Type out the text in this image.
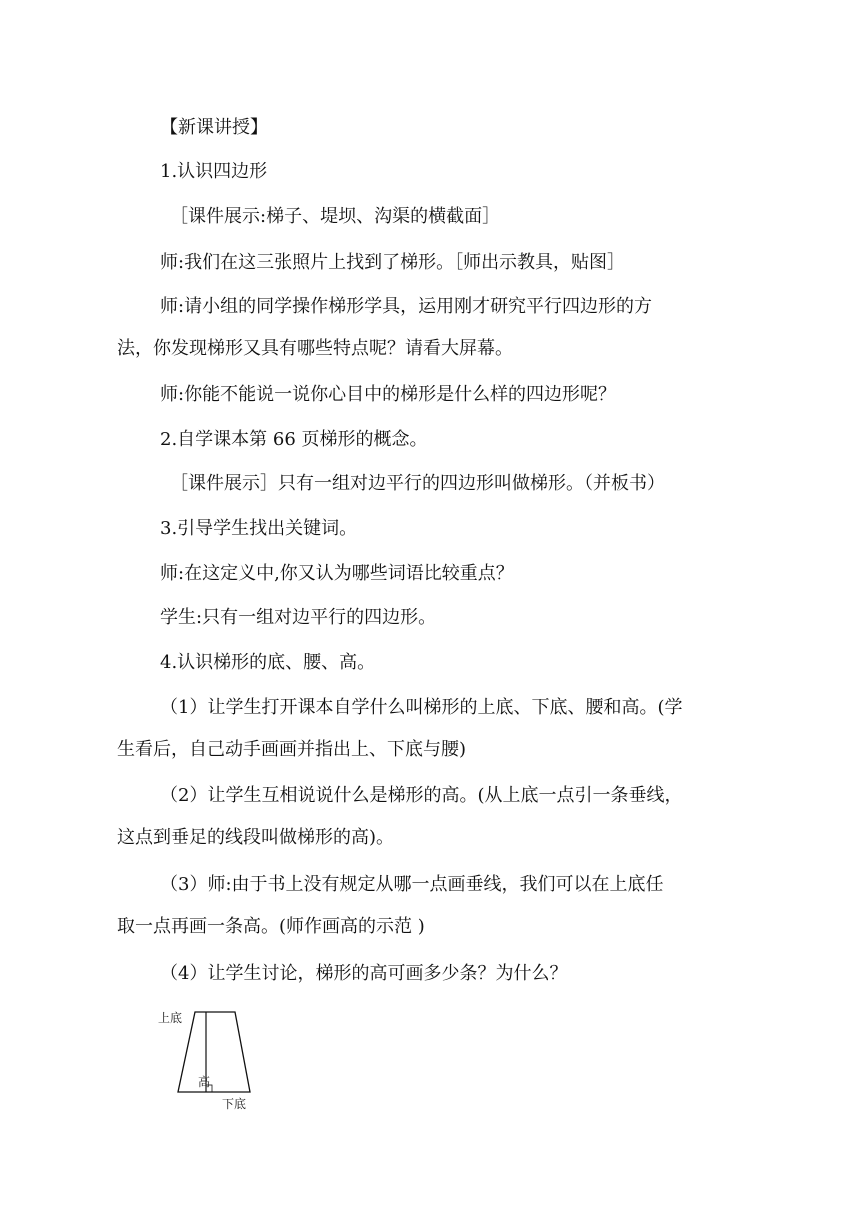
【新课讲授】

1.认识四边形

［课件展示:梯子、堤坝、沟渠的横截面］

师:我们在这三张照片上找到了梯形。［师出示教具，贴图］

师:请小组的同学操作梯形学具，运用刚才研究平行四边形的方
法，你发现梯形又具有哪些特点呢？请看大屏幕。

师:你能不能说一说你心目中的梯形是什么样的四边形呢？

2.自学课本第 66 页梯形的概念。

［课件展示］只有一组对边平行的四边形叫做梯形。（并板书）

3.引导学生找出关键词。

师:在这定义中,你又认为哪些词语比较重点？

学生:只有一组对边平行的四边形。

4.认识梯形的底、腰、高。

（1）让学生打开课本自学什么叫梯形的上底、下底、腰和高。(学
生看后，自己动手画画并指出上、下底与腰)
（2）让学生互相说说什么是梯形的高。(从上底一点引一条垂线，
这点到垂足的线段叫做梯形的高)。
（3）师:由于书上没有规定从哪一点画垂线，我们可以在上底任
取一点再画一条高。(师作画高的示范 )

（4）让学生讨论，梯形的高可画多少条？为什么？

上底
高
下底
